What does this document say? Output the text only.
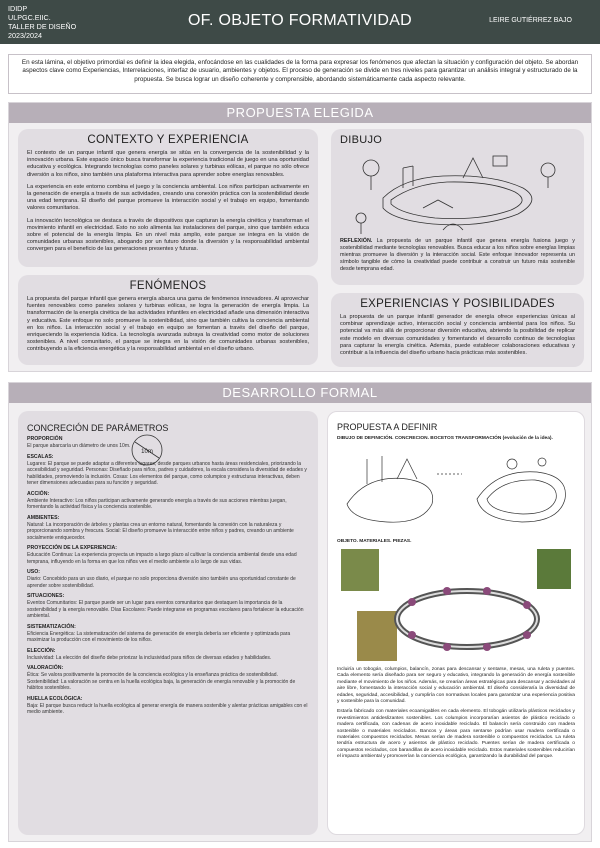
IDIDP
ULPGC.EIIC.
TALLER DE DISEÑO
2023/2024
OF. OBJETO FORMATIVIDAD	LEIRE GUTIÉRREZ BAJO
En esta lámina, el objetivo primordial es definir la idea elegida, enfocándose en las cualidades de la forma para expresar los fenómenos que afectan la situación y configuración del objeto. Se abordan aspectos clave como Experiencias, Interrelaciones, interfaz de usuario, ambientes y objetos. El proceso de generación se divide en tres niveles para garantizar un análisis integral y estructurado de la propuesta. Se busca lograr un diseño coherente y comprensible, abordando sistemáticamente cada aspecto relevante.
PROPUESTA ELEGIDA
CONTEXTO Y EXPERIENCIA

El contexto de un parque infantil que genera energía se sitúa en la convergencia de la sostenibilidad y la innovación urbana. Este espacio único busca transformar la experiencia tradicional de juego en una oportunidad educativa y ecológica. Integrando tecnologías como paneles solares y turbinas eólicas, el parque no sólo ofrece diversión a los niños, sino también una plataforma interactiva para aprender sobre energías renovables.

La experiencia en este entorno combina el juego y la conciencia ambiental. Los niños participan activamente en la generación de energía a través de sus actividades, creando una conexión práctica con la sostenibilidad desde una edad temprana. El diseño del parque promueve la interacción social y el trabajo en equipo, fomentando valores comunitarios.

La innovación tecnológica se destaca a través de dispositivos que capturan la energía cinética y transforman el movimiento infantil en electricidad. Esto no solo alimenta las instalaciones del parque, sino que también educa sobre el potencial de la energía limpia. En un nivel más amplio, este parque se integra en la visión de comunidades urbanas sostenibles, abogando por un futuro donde la diversión y la responsabilidad ambiental convergen para el beneficio de las generaciones presentes y futuras.

FENÓMENOS

La propuesta del parque infantil que genera energía abarca una gama de fenómenos innovadores. Al aprovechar fuentes renovables como paneles solares y turbinas eólicas, se logra la generación de energía limpia. La transformación de la energía cinética de las actividades infantiles en electricidad añade una dimensión interactiva y educativa. Este enfoque no solo promueve la sostenibilidad, sino que también cultiva la conciencia ambiental en los niños. La interacción social y el trabajo en equipo se fomentan a través del diseño del parque, enriqueciendo la experiencia lúdica. La tecnología avanzada subraya la creatividad como motor de soluciones sostenibles. A nivel comunitario, el parque se integra en la visión de comunidades urbanas sostenibles, contribuyendo a la eficiencia energética y la responsabilidad ambiental en el diseño urbano.

DIBUJO
REFLEXIÓN. La propuesta de un parque infantil que genera energía fusiona juego y sostenibilidad mediante tecnologías renovables. Busca educar a los niños sobre energías limpias mientras promueve la diversión y la interacción social. Este enfoque innovador representa un símbolo tangible de cómo la creatividad puede contribuir a construir un futuro más sostenible desde temprana edad.
EXPERIENCIAS Y POSIBILIDADES

La propuesta de un parque infantil generador de energía ofrece experiencias únicas al combinar aprendizaje activo, interacción social y conciencia ambiental para los niños. Su potencial va más allá de proporcionar diversión educativa, abriendo la posibilidad de replicar este modelo en diversas comunidades y fomentando el desarrollo continuo de tecnologías para capturar la energía cinética. Además, puede establecer colaboraciones educativas y contribuir a la influencia del diseño urbano hacia prácticas más sostenibles.

DESARROLLO FORMAL
CONCRECIÓN DE PARÁMETROS
10m
PROPORCIÓN
El parque abarcaría un diámetro de unos 10m.
ESCALAS:
Lugares: El parque se puede adaptar a diferentes lugares, desde parques urbanos hasta áreas residenciales, priorizando la accesibilidad y seguridad. Personas: Diseñado para niños, padres y cuidadores, la escala considera la diversidad de edades y habilidades, promoviendo la inclusión. Cosas: Los elementos del parque, como columpios y estructuras interactivas, deben tener dimensiones adecuadas para su función y seguridad.
ACCIÓN:
Ambiente Interactivo: Los niños participan activamente generando energía a través de sus acciones mientras juegan, fomentando la actividad física y la conciencia sostenible.
AMBIENTES:
Natural: La incorporación de árboles y plantas crea un entorno natural, fomentando la conexión con la naturaleza y proporcionando sombra y frescura. Social: El diseño promueve la interacción entre niños y padres, creando un ambiente socialmente enriquecedor.
PROYECCIÓN DE LA EXPERIENCIA:
Educación Continua: La experiencia proyecta un impacto a largo plazo al cultivar la conciencia ambiental desde una edad temprana, influyendo en la forma en que los niños ven el medio ambiente a lo largo de sus vidas.
USO:
Diario: Concebido para un uso diario, el parque no solo proporciona diversión sino también una oportunidad constante de aprender sobre sostenibilidad.
SITUACIONES:
Eventos Comunitarios: El parque puede ser un lugar para eventos comunitarios que destaquen la importancia de la sostenibilidad y la energía renovable. Días Escolares: Puede integrarse en programas escolares para fortalecer la educación ambiental.
SISTEMATIZACIÓN:
Eficiencia Energética: La sistematización del sistema de generación de energía debería ser eficiente y optimizada para maximizar la producción con el movimiento de los niños.
ELECCIÓN:
Inclusividad: La elección del diseño debe priorizar la inclusividad para niños de diversas edades y habilidades.
VALORACIÓN:
Ética: Se valora positivamente la promoción de la conciencia ecológica y la enseñanza práctica de sostenibilidad. Sostenibilidad: La valoración se centra en la huella ecológica baja, la generación de energía renovable y la promoción de hábitos sostenibles.
HUELLA ECOLÓGICA:
Baja: El parque busca reducir la huella ecológica al generar energía de manera sostenible y alentar prácticas amigables con el medio ambiente.
PROPUESTA A DEFINIR
DIBUJO DE DEFINICIÓN. CONCRECION. BOCETOS TRANSFORMACIÓN (evolución de la idea).
OBJETO. MATERIALES. PIEZAS.
Incluiría un tobogán, columpios, balancín, zonas para descansar y sentarse, mesas, una ruleta y puentes. Cada elemento sería diseñado para ser seguro y educativo, integrando la generación de energía sostenible mediante el movimiento de los niños. Además, se crearían áreas estratégicas para descansar y actividades al aire libre, fomentando la interacción social y educación ambiental. El diseño consideraría la diversidad de edades, seguridad, accesibilidad, y cumpliría con normativas locales para garantizar una experiencia positiva y sostenible para la comunidad.
Estaría fabricado con materiales ecoamigables en cada elemento. El tobogán utilizaría plásticos reciclados y revestimientos antideslizantes sostenibles. Los columpios incorporarían asientos de plástico reciclado o madera certificada, con cadenas de acero inoxidable reciclado. El balancín sería construido con madera sostenible o materiales reciclados. Bancos y áreas para sentarse podrían usar madera certificada o materiales compuestos reciclados. Mesas serían de madera sostenible o compuestos reciclados. La ruleta tendría estructura de acero y asientos de plástico reciclado. Puentes serían de madera certificada o compuestos reciclados, con barandillas de acero inoxidable reciclado. Estos materiales sostenibles reducirían el impacto ambiental y promoverían la conciencia ecológica, garantizando la durabilidad del parque.
